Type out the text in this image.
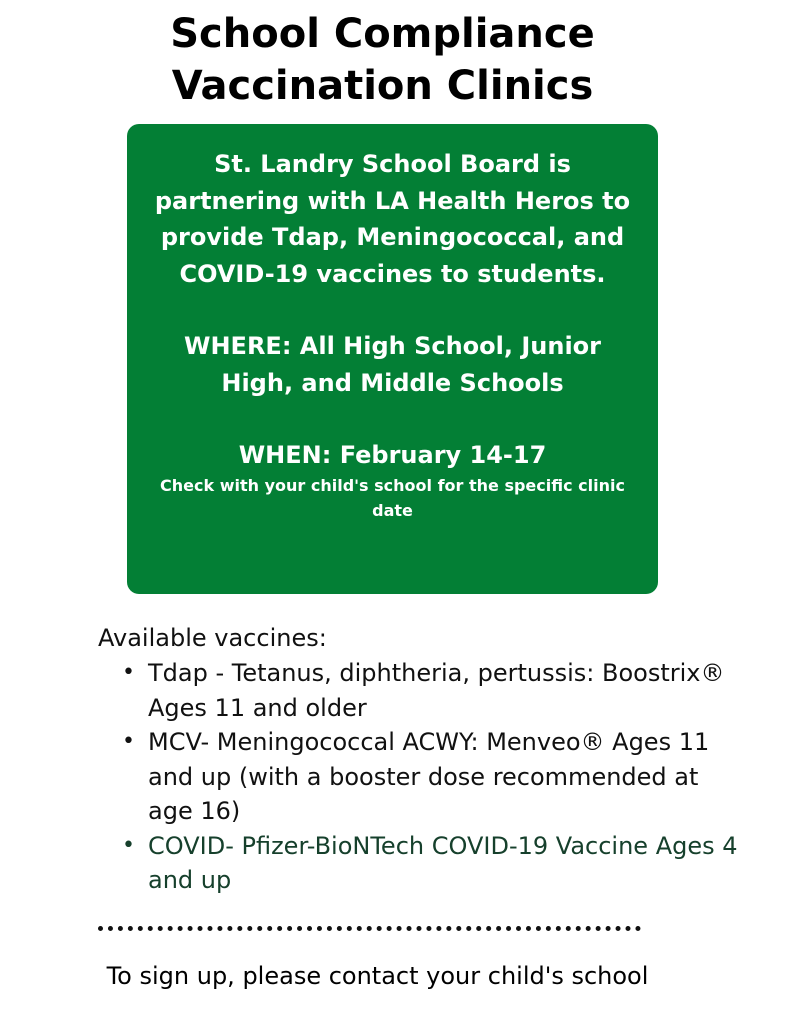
School Compliance
Vaccination Clinics

St. Landry School Board is partnering with LA Health Heros to provide Tdap, Meningococcal, and COVID-19 vaccines to students.

WHERE: All High School, Junior High, and Middle Schools

WHEN: February 14-17

Check with your child's school for the specific clinic date

Available vaccines:

• Tdap - Tetanus, diphtheria, pertussis: Boostrix® Ages 11 and older
• MCV- Meningococcal ACWY: Menveo® Ages 11 and up (with a booster dose recommended at age 16)
• COVID- Pfizer-BioNTech COVID-19 Vaccine Ages 4 and up

To sign up, please contact your child's school
